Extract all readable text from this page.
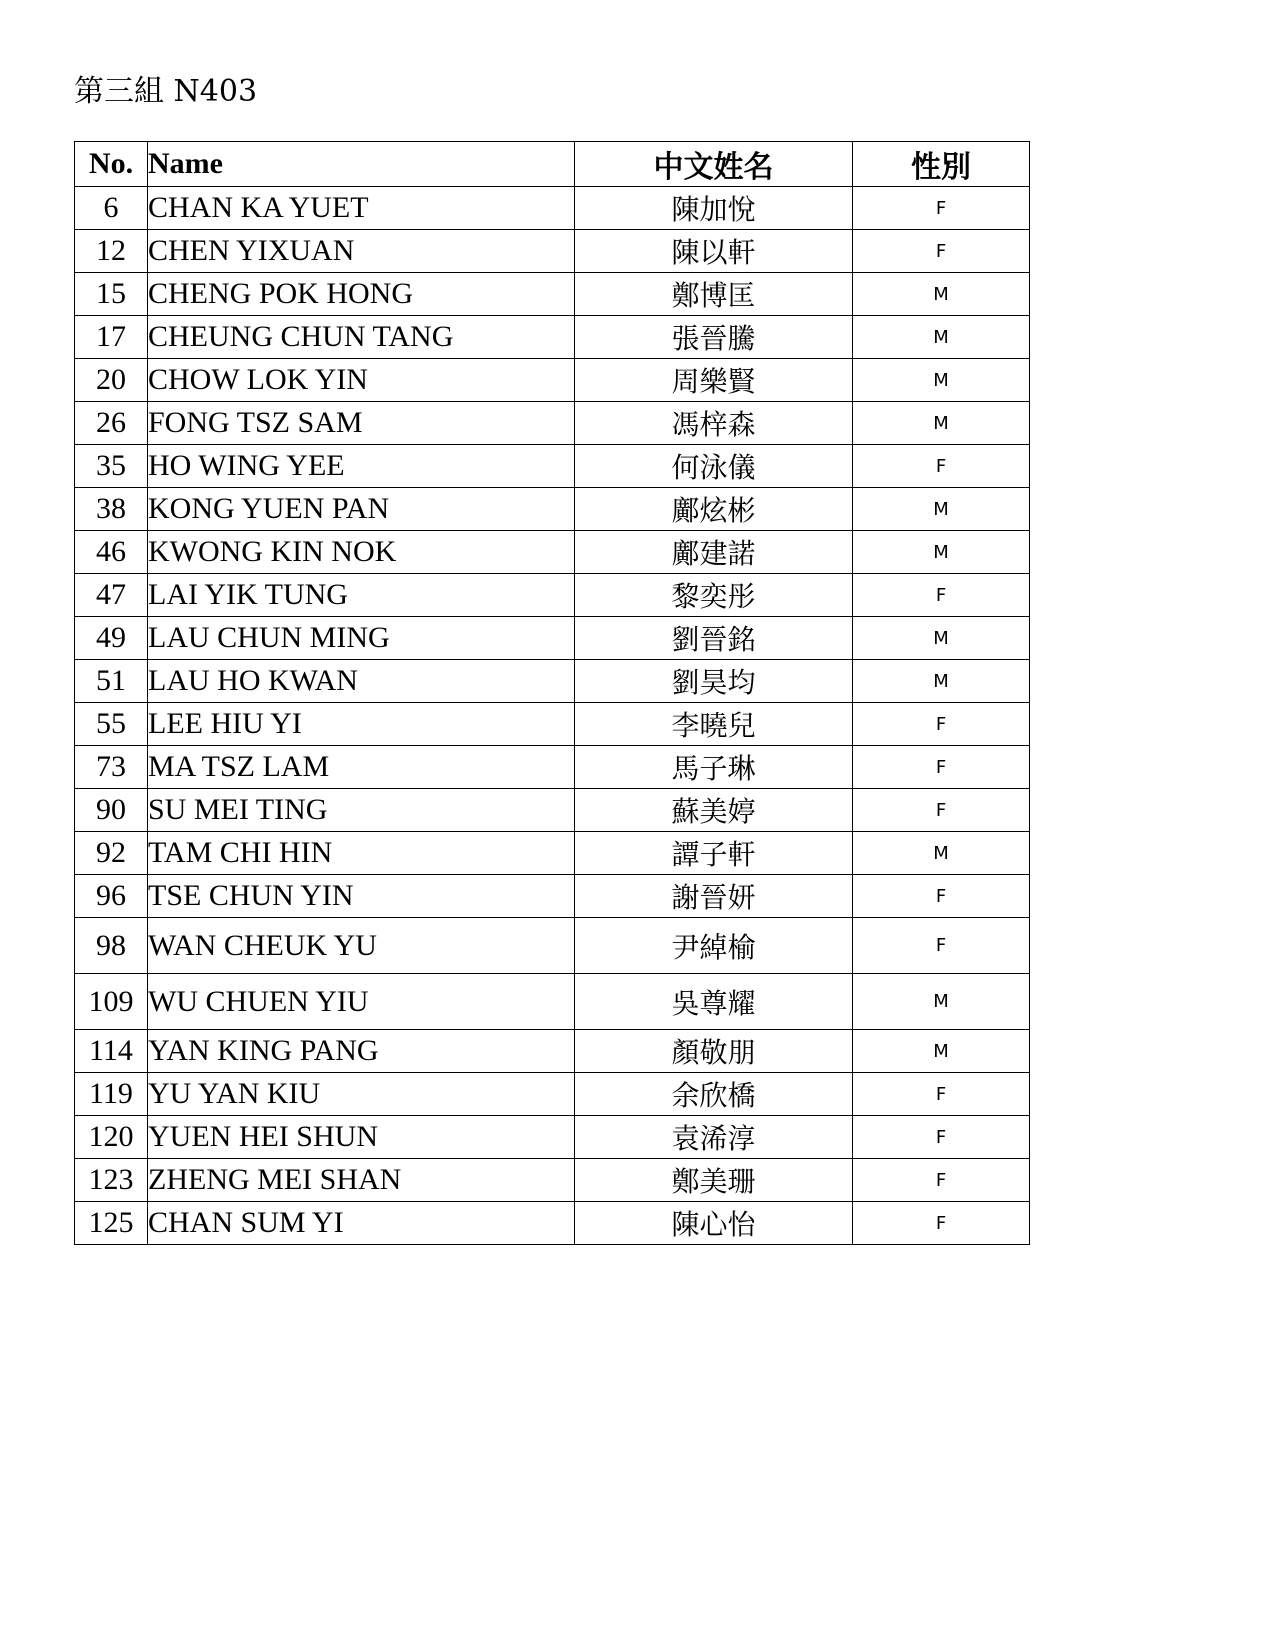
第三組 N403
No.	Name	中文姓名	性別
6	CHAN KA YUET	陳加悅	F
12	CHEN YIXUAN	陳以軒	F
15	CHENG POK HONG	鄭博匡	M
17	CHEUNG CHUN TANG	張晉騰	M
20	CHOW LOK YIN	周樂賢	M
26	FONG TSZ SAM	馮梓森	M
35	HO WING YEE	何泳儀	F
38	KONG YUEN PAN	鄺炫彬	M
46	KWONG KIN NOK	鄺建諾	M
47	LAI YIK TUNG	黎奕彤	F
49	LAU CHUN MING	劉晉銘	M
51	LAU HO KWAN	劉昊均	M
55	LEE HIU YI	李曉兒	F
73	MA TSZ LAM	馬子琳	F
90	SU MEI TING	蘇美婷	F
92	TAM CHI HIN	譚子軒	M
96	TSE CHUN YIN	謝晉妍	F
98	WAN CHEUK YU	尹綽榆	F
109	WU CHUEN YIU	吳尊耀	M
114	YAN KING PANG	顏敬朋	M
119	YU YAN KIU	余欣橋	F
120	YUEN HEI SHUN	袁浠淳	F
123	ZHENG MEI SHAN	鄭美珊	F
125	CHAN SUM YI	陳心怡	F
